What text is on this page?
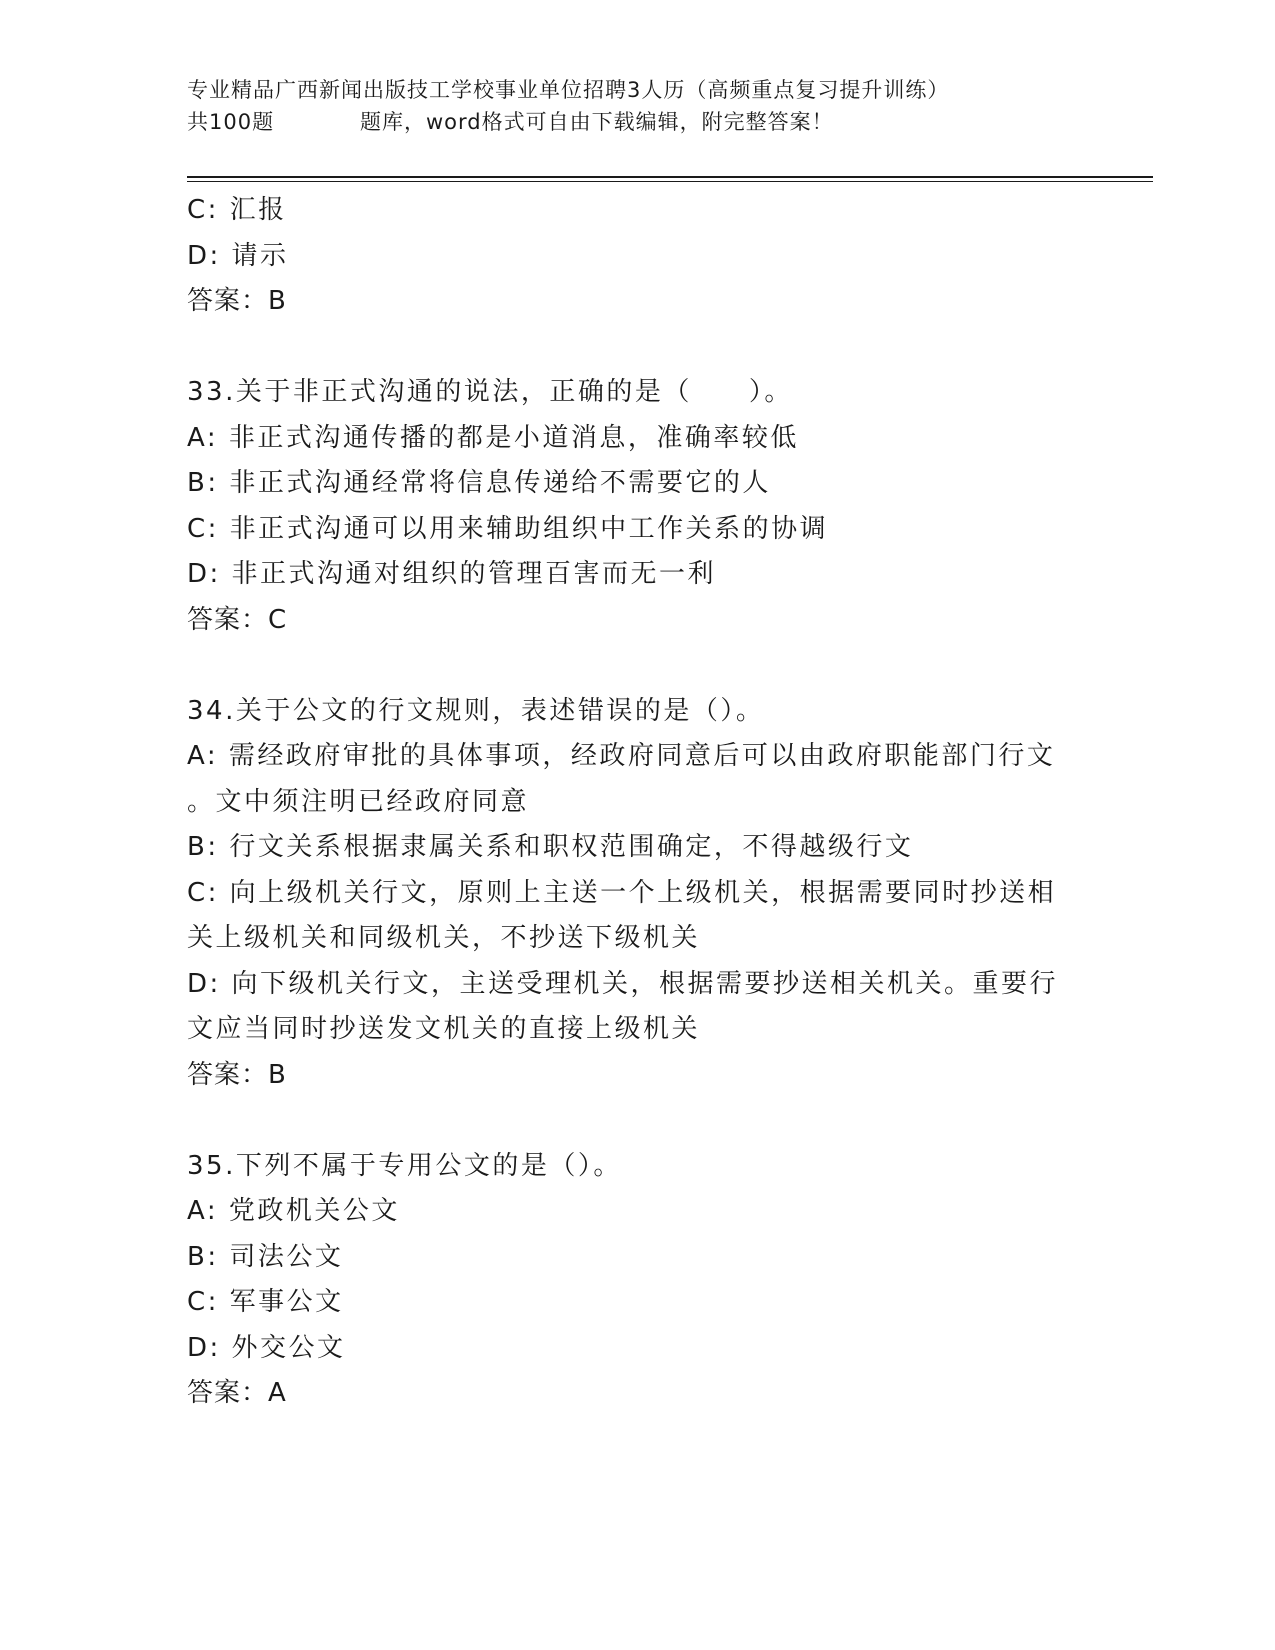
专业精品广西新闻出版技工学校事业单位招聘3人历（高频重点复习提升训练）
共100题	题库，word格式可自由下载编辑，附完整答案！

C: 汇报

D: 请示

答案：B

33.关于非正式沟通的说法，正确的是（　　）。

A: 非正式沟通传播的都是小道消息，准确率较低

B: 非正式沟通经常将信息传递给不需要它的人

C: 非正式沟通可以用来辅助组织中工作关系的协调

D: 非正式沟通对组织的管理百害而无一利

答案：C

34.关于公文的行文规则，表述错误的是（）。

A: 需经政府审批的具体事项，经政府同意后可以由政府职能部门行文

。文中须注明已经政府同意

B: 行文关系根据隶属关系和职权范围确定，不得越级行文

C: 向上级机关行文，原则上主送一个上级机关，根据需要同时抄送相

关上级机关和同级机关，不抄送下级机关

D: 向下级机关行文，主送受理机关，根据需要抄送相关机关。重要行

文应当同时抄送发文机关的直接上级机关

答案：B

35.下列不属于专用公文的是（）。

A: 党政机关公文

B: 司法公文

C: 军事公文

D: 外交公文

答案：A
